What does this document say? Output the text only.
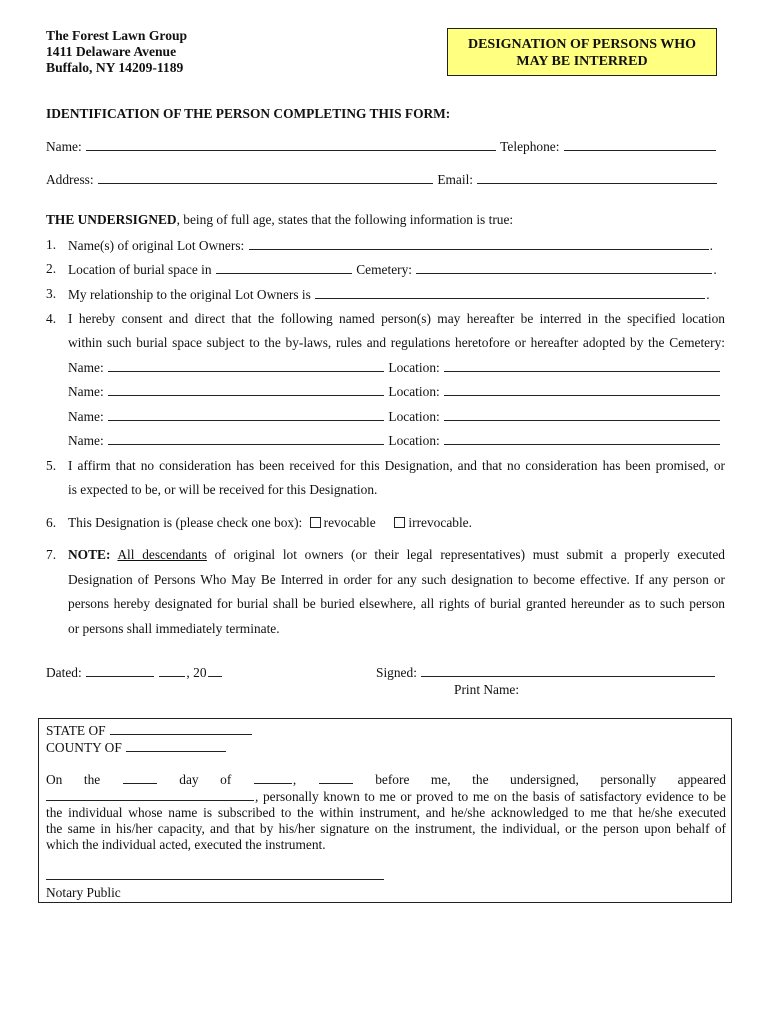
The Forest Lawn Group
1411 Delaware Avenue
Buffalo, NY 14209-1189
DESIGNATION OF PERSONS WHO
MAY BE INTERRED
IDENTIFICATION OF THE PERSON COMPLETING THIS FORM:
Name:	Telephone:
Address:	Email:
THE UNDERSIGNED, being of full age, states that the following information is true:
1. Name(s) of original Lot Owners:	.
2. Location of burial space in	Cemetery:	.
3. My relationship to the original Lot Owners is	.
4. I hereby consent and direct that the following named person(s) may hereafter be interred in the specified location
within such burial space subject to the by-laws, rules and regulations heretofore or hereafter adopted by the Cemetery:
Name:	Location:
Name:	Location:
Name:	Location:
Name:	Location:
5. I affirm that no consideration has been received for this Designation, and that no consideration has been promised, or
is expected to be, or will be received for this Designation.
6. This Designation is (please check one box): revocable irrevocable.
7. NOTE: All descendants of original lot owners (or their legal representatives) must submit a properly executed
Designation of Persons Who May Be Interred in order for any such designation to become effective. If any person or
persons hereby designated for burial shall be buried elsewhere, all rights of burial granted hereunder as to such person
or persons shall immediately terminate.
Dated:	, 20	Signed:
Print Name:
STATE OF
COUNTY OF
On the	day of	,	before me, the undersigned, personally appeared
, personally known to me or proved to me on the basis of satisfactory evidence to be
the individual whose name is subscribed to the within instrument, and he/she acknowledged to me that he/she executed
the same in his/her capacity, and that by his/her signature on the instrument, the individual, or the person upon behalf of
which the individual acted, executed the instrument.
Notary Public
